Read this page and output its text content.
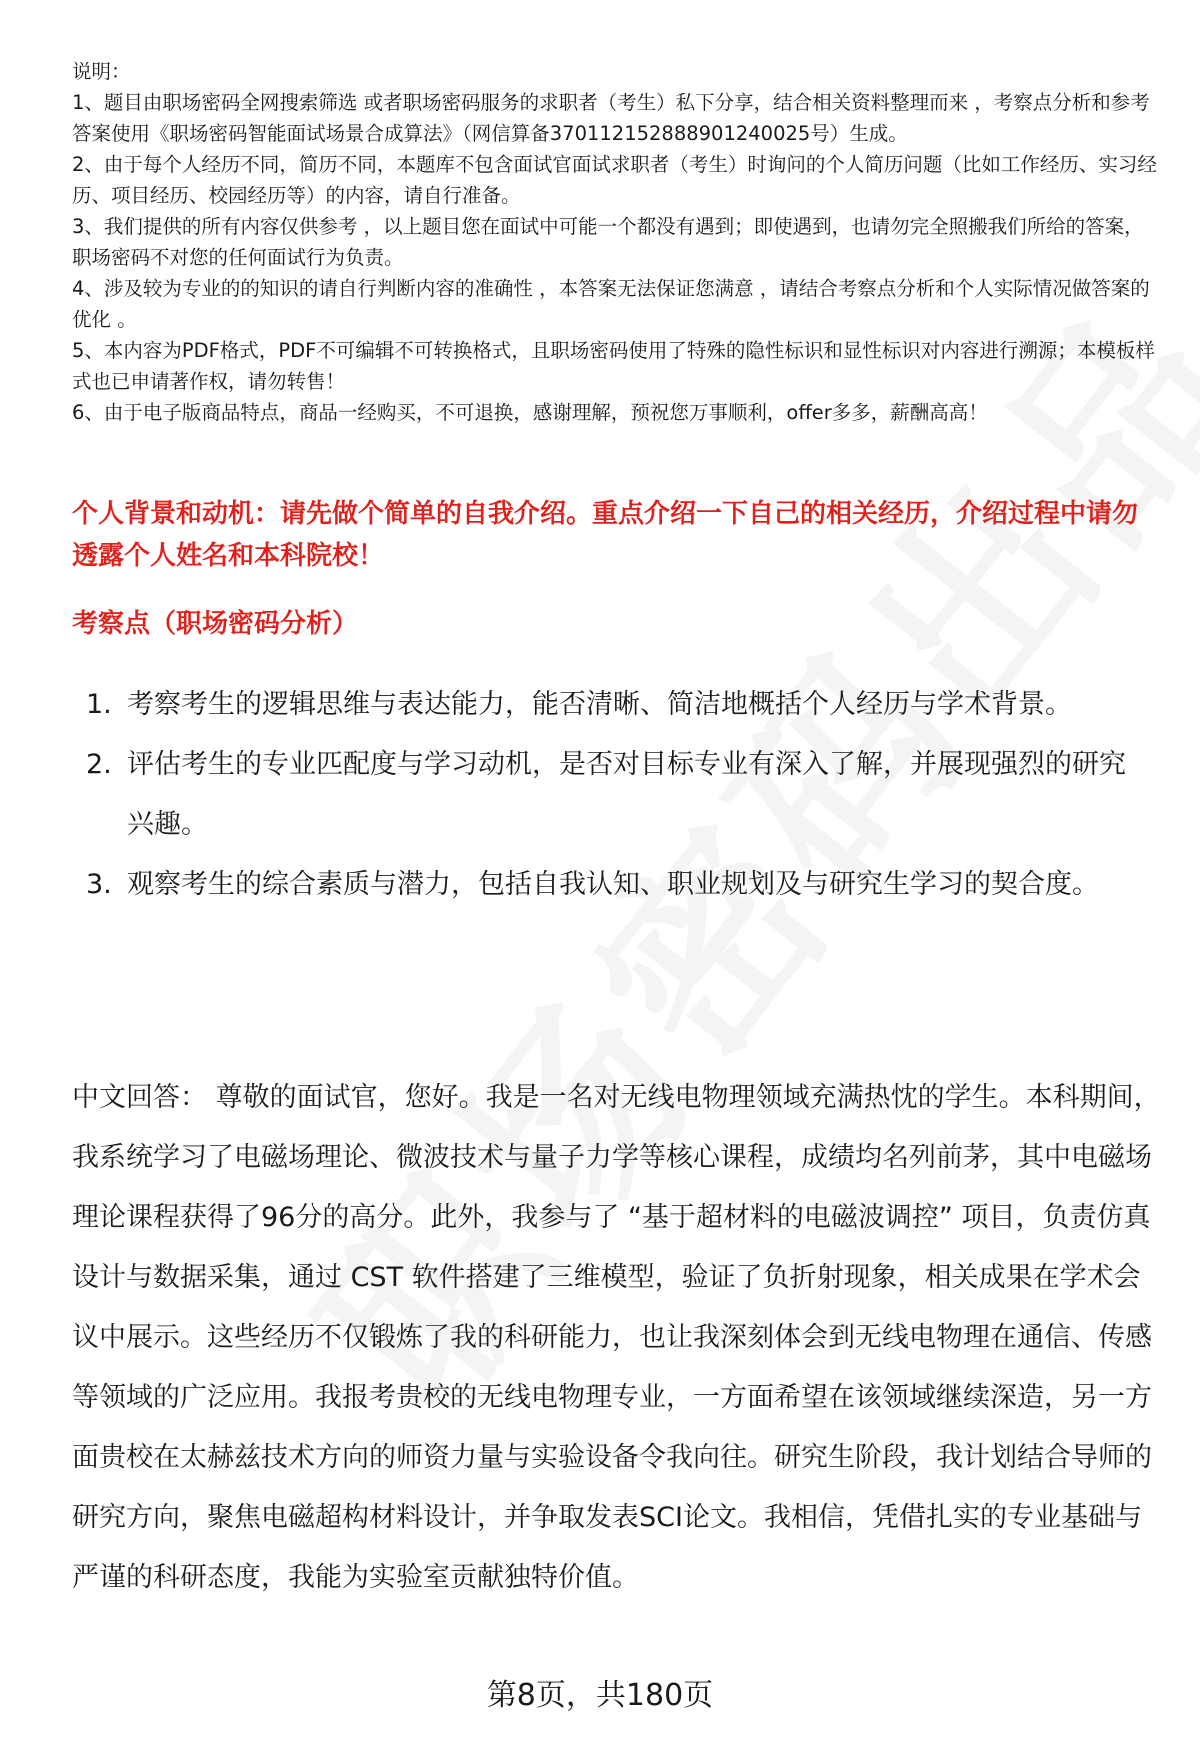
说明：

1、题目由职场密码全网搜索筛选 或者职场密码服务的求职者（考生）私下分享，结合相关资料整理而来 ，考察点分析和参考答案使用《职场密码智能面试场景合成算法》（网信算备370112152888901240025号）生成。

2、由于每个人经历不同，简历不同，本题库不包含面试官面试求职者（考生）时询问的个人简历问题（比如工作经历、实习经历、项目经历、校园经历等）的内容，请自行准备。

3、我们提供的所有内容仅供参考 ，以上题目您在面试中可能一个都没有遇到；即使遇到，也请勿完全照搬我们所给的答案，职场密码不对您的任何面试行为负责。

4、涉及较为专业的的知识的请自行判断内容的准确性 ，本答案无法保证您满意 ，请结合考察点分析和个人实际情况做答案的优化 。

5、本内容为PDF格式，PDF不可编辑不可转换格式，且职场密码使用了特殊的隐性标识和显性标识对内容进行溯源；本模板样式也已申请著作权，请勿转售！

6、由于电子版商品特点，商品一经购买，不可退换，感谢理解，预祝您万事顺利，offer多多，薪酬高高！

个人背景和动机：请先做个简单的自我介绍。重点介绍一下自己的相关经历，介绍过程中请勿透露个人姓名和本科院校！
考察点（职场密码分析）
1. 考察考生的逻辑思维与表达能力，能否清晰、简洁地概括个人经历与学术背景。
2. 评估考生的专业匹配度与学习动机，是否对目标专业有深入了解，并展现强烈的研究兴趣。
3. 观察考生的综合素质与潜力，包括自我认知、职业规划及与研究生学习的契合度。

中文回答： 尊敬的面试官，您好。我是一名对无线电物理领域充满热忱的学生。本科期间，我系统学习了电磁场理论、微波技术与量子力学等核心课程，成绩均名列前茅，其中电磁场理论课程获得了96分的高分。此外，我参与了 “基于超材料的电磁波调控” 项目，负责仿真设计与数据采集，通过 CST 软件搭建了三维模型，验证了负折射现象，相关成果在学术会议中展示。这些经历不仅锻炼了我的科研能力，也让我深刻体会到无线电物理在通信、传感等领域的广泛应用。我报考贵校的无线电物理专业，一方面希望在该领域继续深造，另一方面贵校在太赫兹技术方向的师资力量与实验设备令我向往。研究生阶段，我计划结合导师的研究方向，聚焦电磁超构材料设计，并争取发表SCI论文。我相信，凭借扎实的专业基础与严谨的科研态度，我能为实验室贡献独特价值。

第8页，共180页
